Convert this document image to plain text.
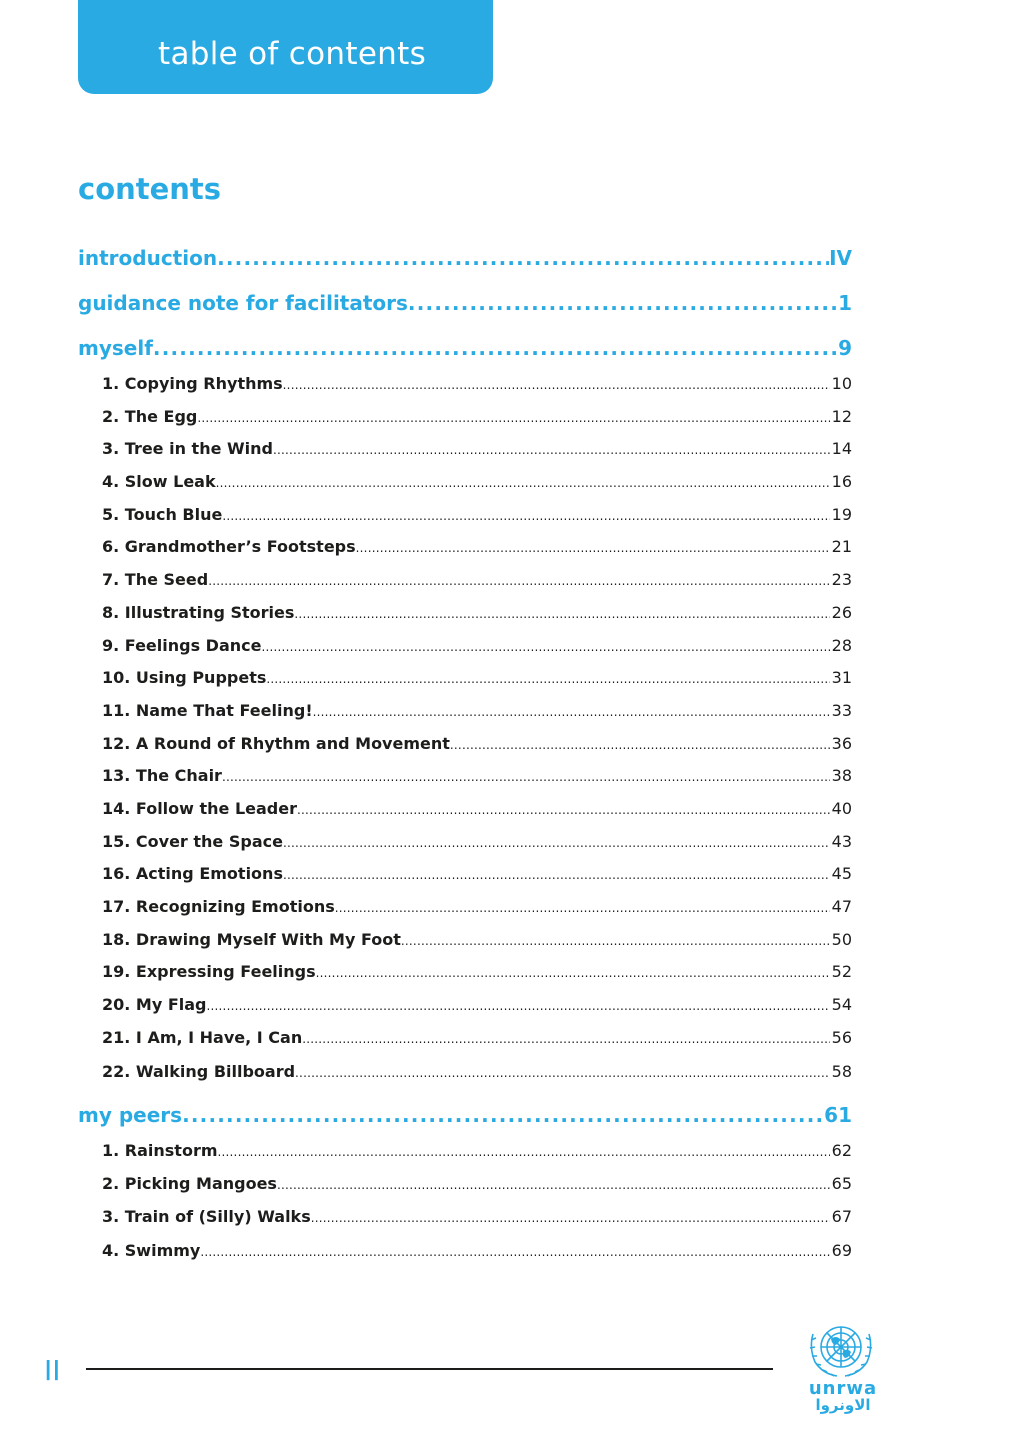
table of contents
contents
introduction .....	IV
guidance note for facilitators .....	1
myself .....	9
1. Copying Rhythms .....	10
2. The Egg .....	12
3. Tree in the Wind .....	14
4. Slow Leak .....	16
5. Touch Blue .....	19
6. Grandmother’s Footsteps .....	21
7. The Seed .....	23
8. Illustrating Stories .....	26
9. Feelings Dance .....	28
10. Using Puppets .....	31
11. Name That Feeling! .....	33
12. A Round of Rhythm and Movement .....	36
13. The Chair .....	38
14. Follow the Leader .....	40
15. Cover the Space .....	43
16. Acting Emotions .....	45
17. Recognizing Emotions .....	47
18. Drawing Myself With My Foot .....	50
19. Expressing Feelings .....	52
20. My Flag .....	54
21. I Am, I Have, I Can .....	56
22. Walking Billboard .....	58
my peers .....	61
1. Rainstorm .....	62
2. Picking Mangoes .....	65
3. Train of (Silly) Walks .....	67
4. Swimmy .....	69
II
unrwa
الاونروا
